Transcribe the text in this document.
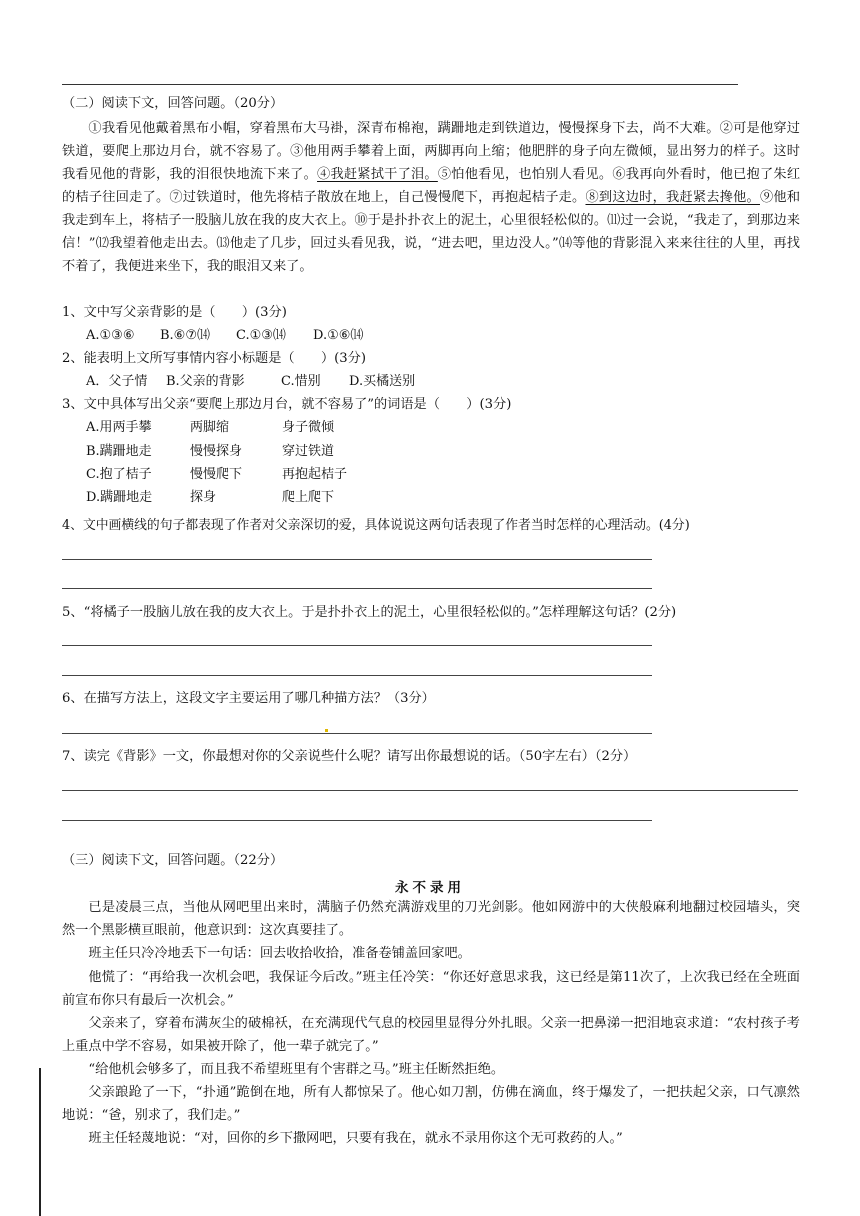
（二）阅读下文，回答问题。（20分）
①我看见他戴着黑布小帽，穿着黑布大马褂，深青布棉袍，蹒跚地走到铁道边，慢慢探身下去，尚不大难。②可是他穿过铁道，要爬上那边月台，就不容易了。③他用两手攀着上面，两脚再向上缩；他肥胖的身子向左微倾，显出努力的样子。这时我看见他的背影，我的泪很快地流下来了。④我赶紧拭干了泪。⑤怕他看见，也怕别人看见。⑥我再向外看时，他已抱了朱红的桔子往回走了。⑦过铁道时，他先将桔子散放在地上，自己慢慢爬下，再抱起桔子走。⑧到这边时，我赶紧去搀他。⑨他和我走到车上，将桔子一股脑儿放在我的皮大衣上。⑩于是扑扑衣上的泥土，心里很轻松似的。⑾过一会说，“我走了，到那边来信！”⑿我望着他走出去。⒀他走了几步，回过头看见我，说，“进去吧，里边没人。”⒁等他的背影混入来来往往的人里，再找不着了，我便进来坐下，我的眼泪又来了。
1、文中写父亲背影的是（　　）(3分)
A.①③⑥ B.⑥⑦⒁ C.①③⒁ D.①⑥⒁
2、能表明上文所写事情内容小标题是（　　）(3分)
A．父子情 B.父亲的背影	C.惜别 D.买橘送别
3、文中具体写出父亲“要爬上那边月台，就不容易了”的词语是（　　）(3分)
A.用两手攀	两脚缩	身子微倾
B.蹒跚地走	慢慢探身	穿过铁道
C.抱了桔子	慢慢爬下	再抱起桔子
D.蹒跚地走	探身	爬上爬下
4、文中画横线的句子都表现了作者对父亲深切的爱，具体说说这两句话表现了作者当时怎样的心理活动。(4分)
5、“将橘子一股脑儿放在我的皮大衣上。于是扑扑衣上的泥土，心里很轻松似的。”怎样理解这句话？(2分)
6、在描写方法上，这段文字主要运用了哪几种描方法？（3分）
7、读完《背影》一文，你最想对你的父亲说些什么呢？请写出你最想说的话。（50字左右）（2分）
（三）阅读下文，回答问题。（22分）
永不录用
已是凌晨三点，当他从网吧里出来时，满脑子仍然充满游戏里的刀光剑影。他如网游中的大侠般麻利地翻过校园墙头，突然一个黑影横亘眼前，他意识到：这次真要挂了。
班主任只冷冷地丢下一句话：回去收拾收拾，准备卷铺盖回家吧。
他慌了：“再给我一次机会吧，我保证今后改。”班主任冷笑：“你还好意思求我，这已经是第11次了，上次我已经在全班面前宣布你只有最后一次机会。”
父亲来了，穿着布满灰尘的破棉袄，在充满现代气息的校园里显得分外扎眼。父亲一把鼻涕一把泪地哀求道：“农村孩子考上重点中学不容易，如果被开除了，他一辈子就完了。”
“给他机会够多了，而且我不希望班里有个害群之马。”班主任断然拒绝。
父亲踉跄了一下，“扑通”跪倒在地，所有人都惊呆了。他心如刀割，仿佛在滴血，终于爆发了，一把扶起父亲，口气凛然地说：“爸，别求了，我们走。”
班主任轻蔑地说：“对，回你的乡下撒网吧，只要有我在，就永不录用你这个无可救药的人。”
